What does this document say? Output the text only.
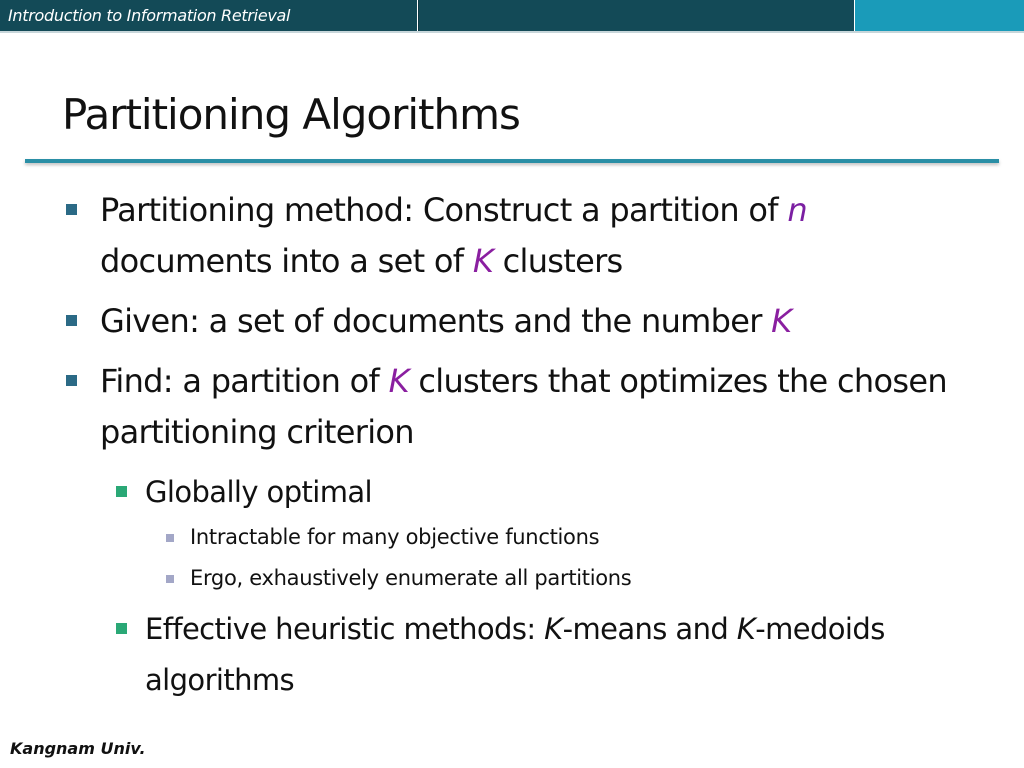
Introduction to Information Retrieval
Partitioning Algorithms
Partitioning method: Construct a partition of n documents into a set of K clusters
Given: a set of documents and the number K
Find: a partition of K clusters that optimizes the chosen partitioning criterion
Globally optimal
Intractable for many objective functions
Ergo, exhaustively enumerate all partitions
Effective heuristic methods: K-means and K-medoids algorithms
Kangnam Univ.
